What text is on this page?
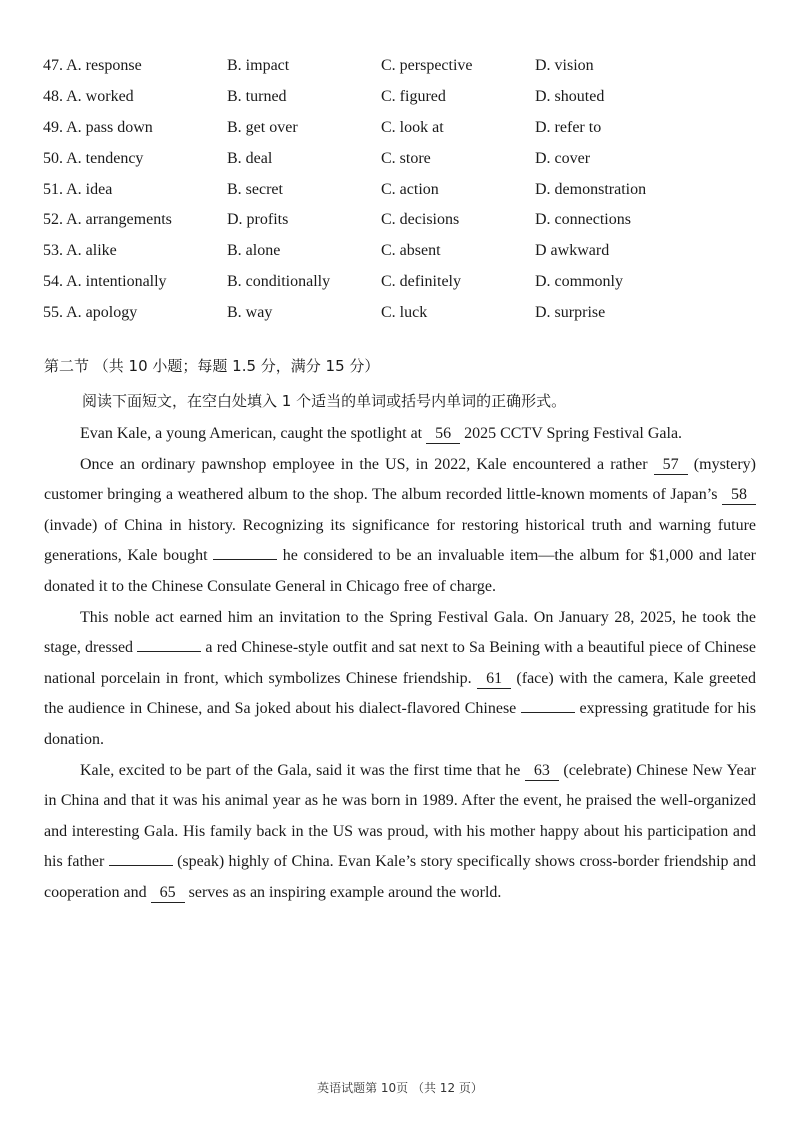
47. A. response	B. impact	C. perspective	D. vision
48. A. worked	B. turned	C. figured	D. shouted
49. A. pass down	B. get over	C. look at	D. refer to
50. A. tendency	B. deal	C. store	D. cover
51. A. idea	B. secret	C. action	D. demonstration
52. A. arrangements	D. profits	C. decisions	D. connections
53. A. alike	B. alone	C. absent	D awkward
54. A. intentionally	B. conditionally	C. definitely	D. commonly
55. A. apology	B. way	C. luck	D. surprise
第二节 （共 10 小题；每题 1.5 分，满分 15 分）
阅读下面短文，在空白处填入 1 个适当的单词或括号内单词的正确形式。

Evan Kale, a young American, caught the spotlight at 56 2025 CCTV Spring Festival Gala.

Once an ordinary pawnshop employee in the US, in 2022, Kale encountered a rather 57 (mystery) customer bringing a weathered album to the shop. The album recorded little-known moments of Japan’s 58 (invade) of China in history. Recognizing its significance for restoring historical truth and warning future generations, Kale bought	he considered to be an invaluable item—the album for $1,000 and later donated it to the Chinese Consulate General in Chicago free of charge.

This noble act earned him an invitation to the Spring Festival Gala. On January 28, 2025, he took the stage, dressed	a red Chinese-style outfit and sat next to Sa Beining with a beautiful piece of Chinese national porcelain in front, which symbolizes Chinese friendship. 61 (face) with the camera, Kale greeted the audience in Chinese, and Sa joked about his dialect-flavored Chinese	expressing gratitude for his donation.

Kale, excited to be part of the Gala, said it was the first time that he 63 (celebrate) Chinese New Year in China and that it was his animal year as he was born in 1989. After the event, he praised the well-organized and interesting Gala. His family back in the US was proud, with his mother happy about his participation and his father	(speak) highly of China. Evan Kale’s story specifically shows cross-border friendship and cooperation and 65 serves as an inspiring example around the world.

英语试题第 10页 （共 12 页）
